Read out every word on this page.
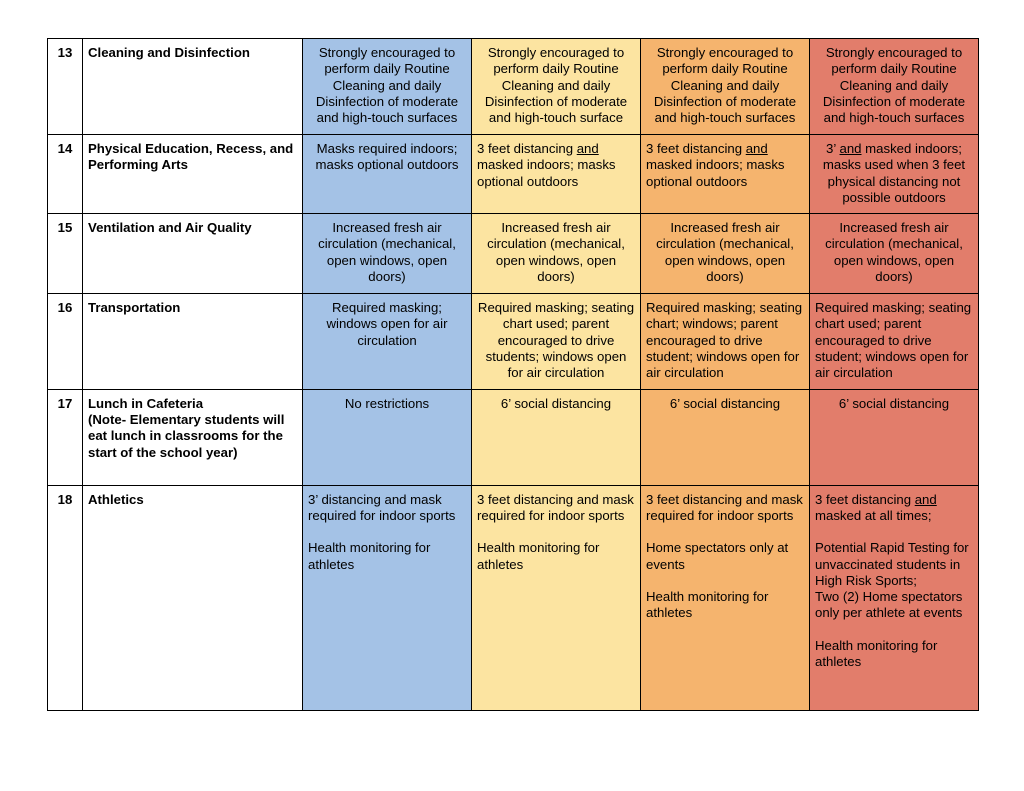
13	Cleaning and Disinfection	Strongly encouraged to perform daily Routine Cleaning and daily Disinfection of moderate and high-touch surfaces	Strongly encouraged to perform daily Routine Cleaning and daily Disinfection of moderate and high-touch surface	Strongly encouraged to perform daily Routine Cleaning and daily Disinfection of moderate and high-touch surfaces	Strongly encouraged to perform daily Routine Cleaning and daily Disinfection of moderate and high-touch surfaces

14	Physical Education, Recess, and Performing Arts	Masks required indoors; masks optional outdoors	3 feet distancing and masked indoors; masks optional outdoors	3 feet distancing and masked indoors; masks optional outdoors	3’ and masked indoors; masks used when 3 feet physical distancing not possible outdoors
15	Ventilation and Air Quality	Increased fresh air circulation (mechanical, open windows, open doors)	Increased fresh air circulation (mechanical, open windows, open doors)	Increased fresh air circulation (mechanical, open windows, open doors)	Increased fresh air circulation (mechanical, open windows, open doors)

16	Transportation	Required masking; windows open for air circulation	Required masking; seating chart used; parent encouraged to drive students; windows open for air circulation	Required masking; seating chart; windows; parent encouraged to drive student; windows open for air circulation	Required masking; seating chart used; parent encouraged to drive student; windows open for air circulation

17	Lunch in Cafeteria
(Note- Elementary students will eat lunch in classrooms for the start of the school year)	No restrictions	6’ social distancing	6’ social distancing	6’ social distancing

18	Athletics	3’ distancing and mask required for indoor sports
Health monitoring for athletes	3 feet distancing and mask required for indoor sports
Health monitoring for athletes	3 feet distancing and mask required for indoor sports
Home spectators only at events
Health monitoring for athletes	3 feet distancing and masked at all times;
Potential Rapid Testing for unvaccinated students in High Risk Sports;
Two (2) Home spectators only per athlete at events
Health monitoring for athletes
